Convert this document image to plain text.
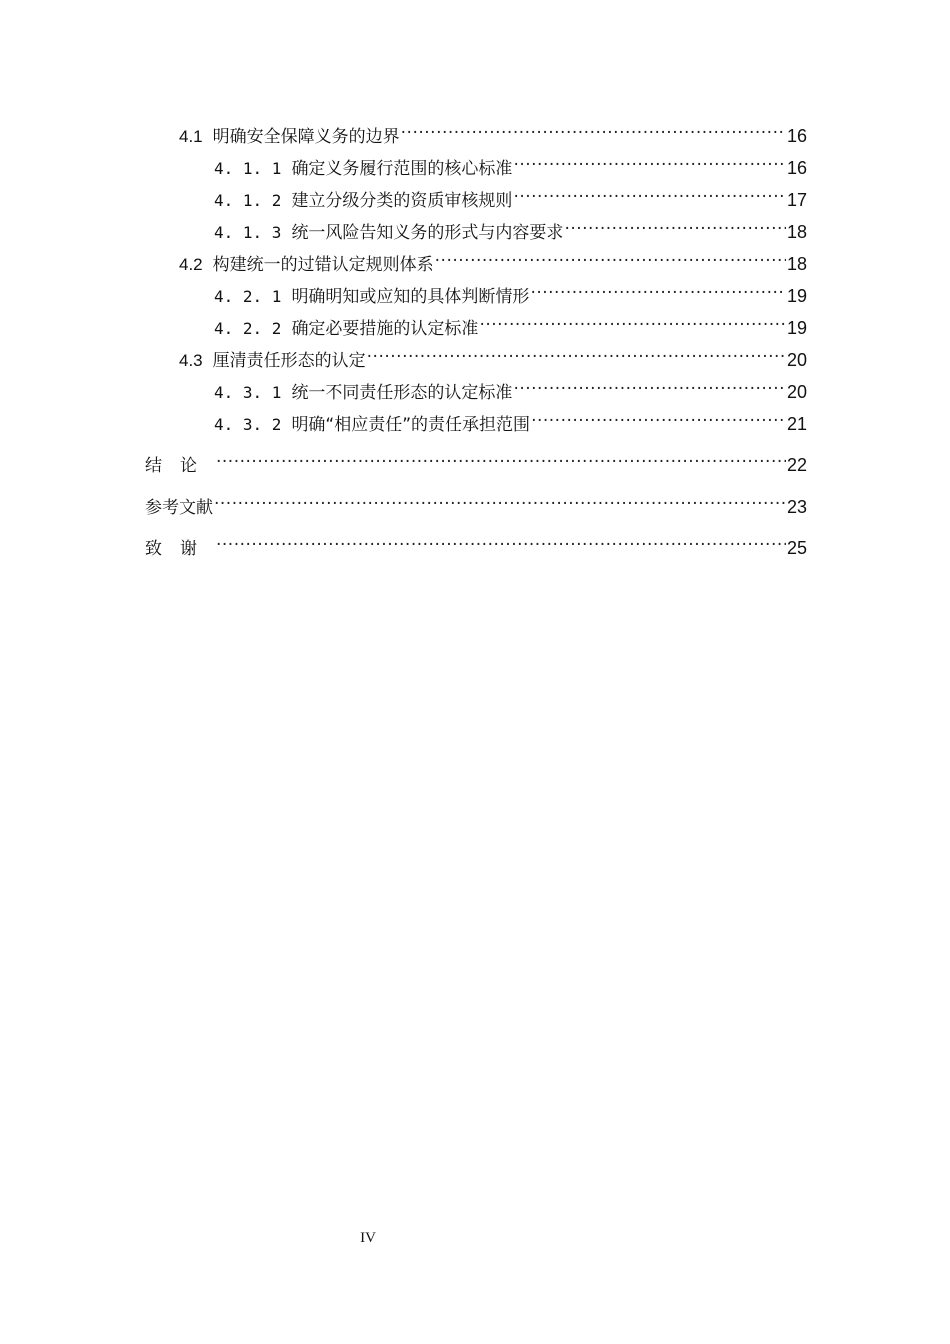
4.1 明确安全保障义务的边界 .....	16
4. 1. 1 确定义务履行范围的核心标准 .....	16
4. 1. 2 建立分级分类的资质审核规则 .....	17
4. 1. 3 统一风险告知义务的形式与内容要求 .....	18
4.2 构建统一的过错认定规则体系 .....	18
4. 2. 1 明确明知或应知的具体判断情形 .....	19
4. 2. 2 确定必要措施的认定标准 .....	19
4.3 厘清责任形态的认定 .....	20
4. 3. 1 统一不同责任形态的认定标准 .....	20
4. 3. 2 明确“相应责任”的责任承担范围 .....	21
结论 .....	22
参考文献 .....	23
致谢 .....	25
IV
